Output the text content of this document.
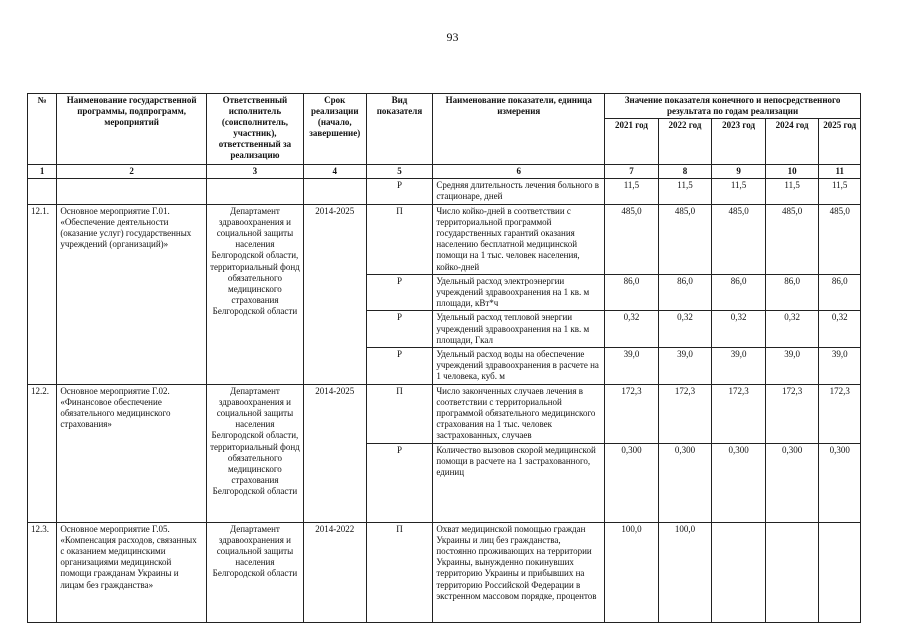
93
№	Наименование государственной программы, подпрограмм, мероприятий	Ответственный исполнитель (соисполнитель, участник), ответственный за реализацию	Срок реализации (начало, завершение)	Вид показателя	Наименование показатели, единица измерения	Значение показателя конечного и непосредственного результата по годам реализации				
						2021 год	2022 год	2023 год	2024 год	2025 год
1	2	3	4	5	6	7	8	9	10	11
				Р	Средняя длительность лечения больного в стационаре, дней	11,5	11,5	11,5	11,5	11,5
12.1.	Основное мероприятие Г.01. «Обеспечение деятельности (оказание услуг) государственных учреждений (организаций)»	Департамент здравоохранения и социальной защиты населения Белгородской области, территориальный фонд обязательного медицинского страхования Белгородской области	2014-2025	П	Число койко-дней в соответствии с территориальной программой государственных гарантий оказания населению бесплатной медицинской помощи на 1 тыс. человек населения, койко-дней	485,0	485,0	485,0	485,0	485,0
				Р	Удельный расход электроэнергии учреждений здравоохранения на 1 кв. м площади, кВт*ч	86,0	86,0	86,0	86,0	86,0
				Р	Удельный расход тепловой энергии учреждений здравоохранения на 1 кв. м площади, Гкал	0,32	0,32	0,32	0,32	0,32
				Р	Удельный расход воды на обеспечение учреждений здравоохранения в расчете на 1 человека, куб. м	39,0	39,0	39,0	39,0	39,0
12.2.	Основное мероприятие Г.02. «Финансовое обеспечение обязательного медицинского страхования»	Департамент здравоохранения и социальной защиты населения Белгородской области, территориальный фонд обязательного медицинского страхования Белгородской области	2014-2025	П	Число законченных случаев лечения в соответствии с территориальной программой обязательного медицинского страхования на 1 тыс. человек застрахованных, случаев	172,3	172,3	172,3	172,3	172,3
				Р	Количество вызовов скорой медицинской помощи в расчете на 1 застрахованного, единиц	0,300	0,300	0,300	0,300	0,300
12.3.	Основное мероприятие Г.05. «Компенсация расходов, связанных с оказанием медицинскими организациями медицинской помощи гражданам Украины и лицам без гражданства»	Департамент здравоохранения и социальной защиты населения Белгородской области	2014-2022	П	Охват медицинской помощью граждан Украины и лиц без гражданства, постоянно проживающих на территории Украины, вынужденно покинувших территорию Украины и прибывших на территорию Российской Федерации в экстренном массовом порядке, процентов	100,0	100,0			
